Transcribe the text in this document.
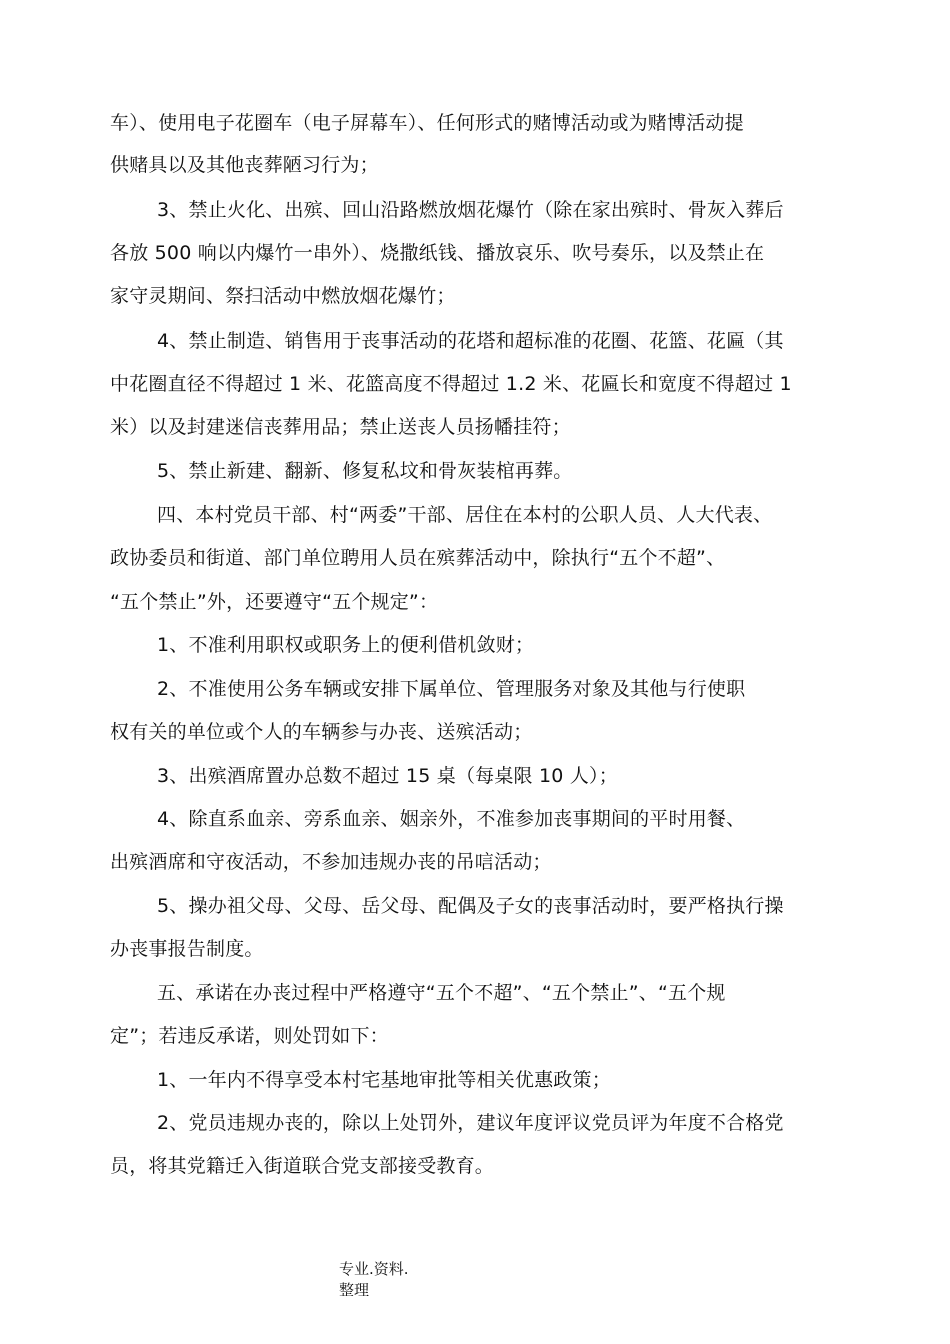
车）、使用电子花圈车（电子屏幕车）、任何形式的赌博活动或为赌博活动提
供赌具以及其他丧葬陋习行为；
3、禁止火化、出殡、回山沿路燃放烟花爆竹（除在家出殡时、骨灰入葬后
各放 500 响以内爆竹一串外）、烧撒纸钱、播放哀乐、吹号奏乐，以及禁止在
家守灵期间、祭扫活动中燃放烟花爆竹；
4、禁止制造、销售用于丧事活动的花塔和超标准的花圈、花篮、花匾（其
中花圈直径不得超过 1 米、花篮高度不得超过 1.2 米、花匾长和宽度不得超过 1
米）以及封建迷信丧葬用品；禁止送丧人员扬幡挂符；
5、禁止新建、翻新、修复私坟和骨灰装棺再葬。
四、本村党员干部、村“两委”干部、居住在本村的公职人员、人大代表、
政协委员和街道、部门单位聘用人员在殡葬活动中，除执行“五个不超”、
“五个禁止”外，还要遵守“五个规定”：
1、不准利用职权或职务上的便利借机敛财；
2、不准使用公务车辆或安排下属单位、管理服务对象及其他与行使职
权有关的单位或个人的车辆参与办丧、送殡活动；
3、出殡酒席置办总数不超过 15 桌（每桌限 10 人）；
4、除直系血亲、旁系血亲、姻亲外，不准参加丧事期间的平时用餐、
出殡酒席和守夜活动，不参加违规办丧的吊唁活动；
5、操办祖父母、父母、岳父母、配偶及子女的丧事活动时，要严格执行操
办丧事报告制度。
五、承诺在办丧过程中严格遵守“五个不超”、“五个禁止”、“五个规
定”；若违反承诺，则处罚如下：
1、一年内不得享受本村宅基地审批等相关优惠政策；
2、党员违规办丧的，除以上处罚外，建议年度评议党员评为年度不合格党
员，将其党籍迁入街道联合党支部接受教育。
专业.资料.
整理
